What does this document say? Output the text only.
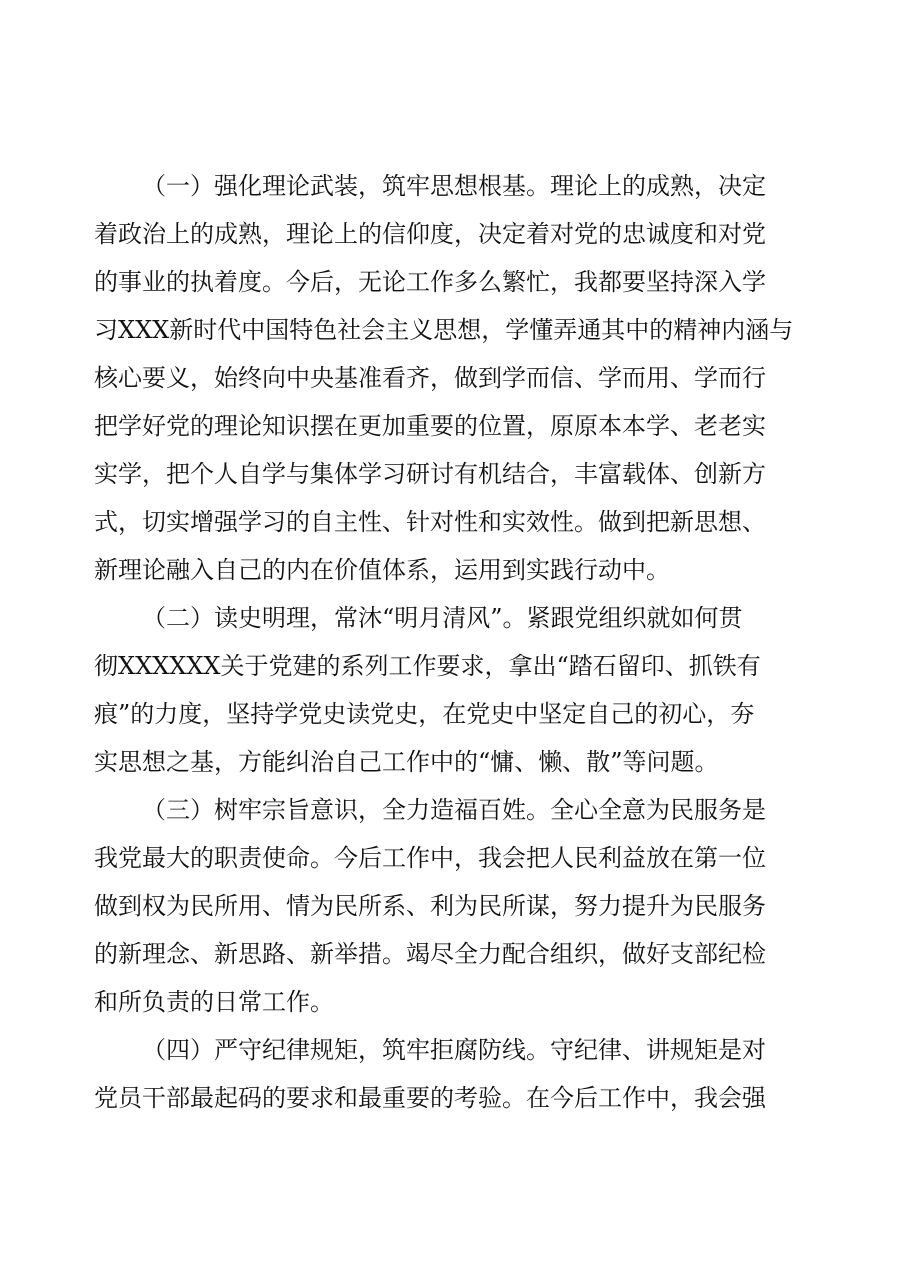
（一）强化理论武装，筑牢思想根基。理论上的成熟，决定
着政治上的成熟，理论上的信仰度，决定着对党的忠诚度和对党
的事业的执着度。今后，无论工作多么繁忙，我都要坚持深入学
习XXX新时代中国特色社会主义思想，学懂弄通其中的精神内涵与
核心要义，始终向中央基准看齐，做到学而信、学而用、学而行
把学好党的理论知识摆在更加重要的位置，原原本本学、老老实
实学，把个人自学与集体学习研讨有机结合，丰富载体、创新方
式，切实增强学习的自主性、针对性和实效性。做到把新思想、
新理论融入自己的内在价值体系，运用到实践行动中。
（二）读史明理，常沐“明月清风”。紧跟党组织就如何贯
彻XXXXXX关于党建的系列工作要求，拿出“踏石留印、抓铁有
痕”的力度，坚持学党史读党史，在党史中坚定自己的初心，夯
实思想之基，方能纠治自己工作中的“慵、懒、散”等问题。
（三）树牢宗旨意识，全力造福百姓。全心全意为民服务是
我党最大的职责使命。今后工作中，我会把人民利益放在第一位
做到权为民所用、情为民所系、利为民所谋，努力提升为民服务
的新理念、新思路、新举措。竭尽全力配合组织，做好支部纪检
和所负责的日常工作。
（四）严守纪律规矩，筑牢拒腐防线。守纪律、讲规矩是对
党员干部最起码的要求和最重要的考验。在今后工作中，我会强
